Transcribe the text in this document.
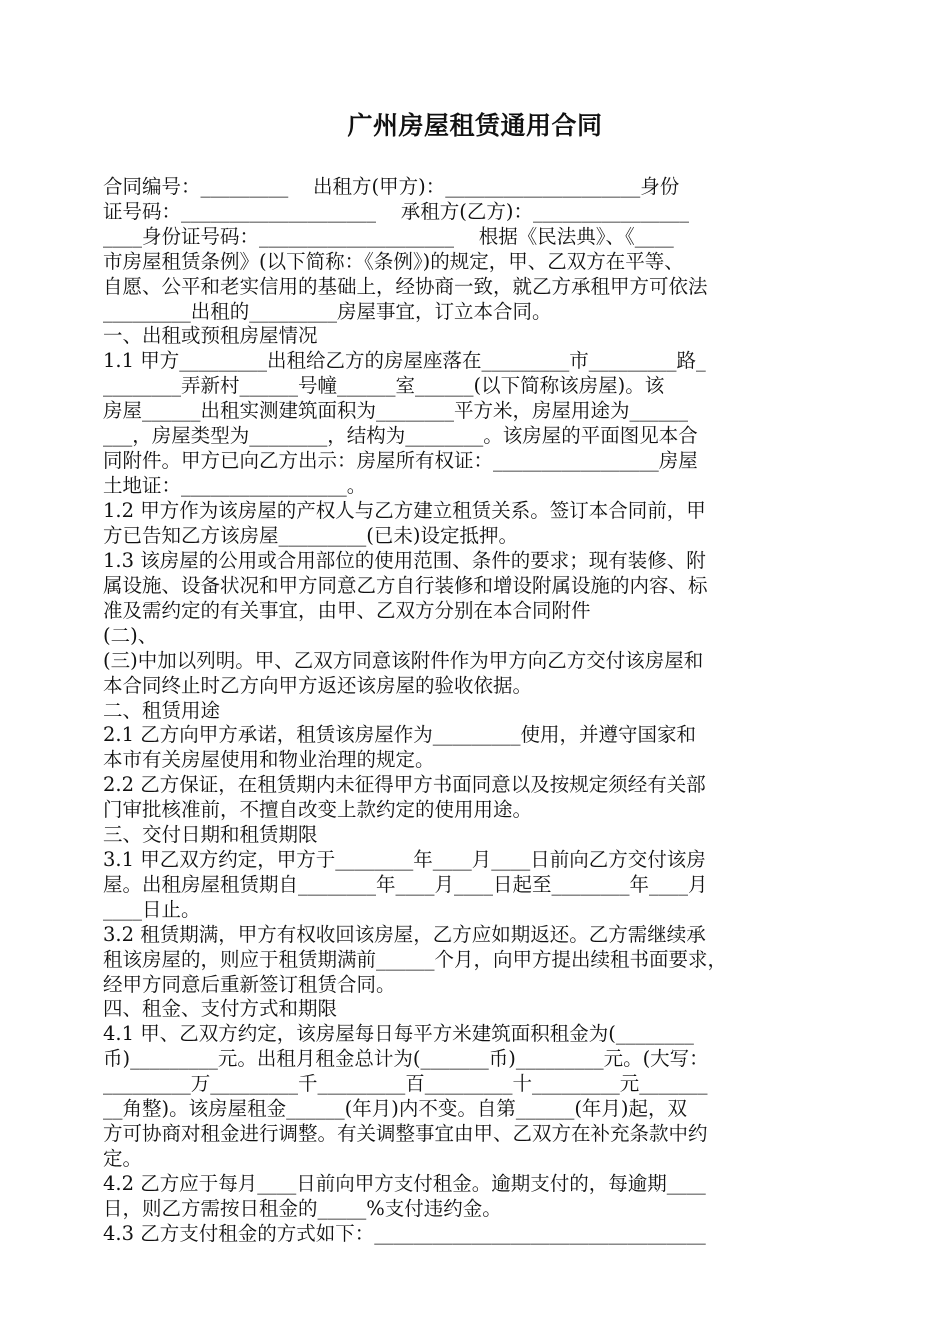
广州房屋租赁通用合同
合同编号：_________    出租方(甲方)：____________________身份
证号码：____________________    承租方(乙方)：________________
____身份证号码：____________________    根据《民法典》、《____
市房屋租赁条例》(以下简称：《条例》)的规定，甲、乙双方在平等、
自愿、公平和老实信用的基础上，经协商一致，就乙方承租甲方可依法
_________出租的_________房屋事宜，订立本合同。
一、出租或预租房屋情况
1.1 甲方_________出租给乙方的房屋座落在_________市_________路_
________弄新村______号幢______室______(以下简称该房屋)。该
房屋______出租实测建筑面积为________平方米，房屋用途为______
___，房屋类型为________，结构为________。该房屋的平面图见本合
同附件。甲方已向乙方出示：房屋所有权证：_________________房屋
土地证：_________________。
1.2 甲方作为该房屋的产权人与乙方建立租赁关系。签订本合同前，甲
方已告知乙方该房屋_________(已未)设定抵押。
1.3 该房屋的公用或合用部位的使用范围、条件的要求；现有装修、附
属设施、设备状况和甲方同意乙方自行装修和增设附属设施的内容、标
准及需约定的有关事宜，由甲、乙双方分别在本合同附件
(二)、
(三)中加以列明。甲、乙双方同意该附件作为甲方向乙方交付该房屋和
本合同终止时乙方向甲方返还该房屋的验收依据。
二、租赁用途
2.1 乙方向甲方承诺，租赁该房屋作为_________使用，并遵守国家和
本市有关房屋使用和物业治理的规定。
2.2 乙方保证，在租赁期内未征得甲方书面同意以及按规定须经有关部
门审批核准前，不擅自改变上款约定的使用用途。
三、交付日期和租赁期限
3.1 甲乙双方约定，甲方于________年____月____日前向乙方交付该房
屋。出租房屋租赁期自________年____月____日起至________年____月
____日止。
3.2 租赁期满，甲方有权收回该房屋，乙方应如期返还。乙方需继续承
租该房屋的，则应于租赁期满前______个月，向甲方提出续租书面要求，
经甲方同意后重新签订租赁合同。
四、租金、支付方式和期限
4.1 甲、乙双方约定，该房屋每日每平方米建筑面积租金为(________
币)_________元。出租月租金总计为(_______币)_________元。(大写：
_________万_________千_________百_________十_________元_______
__角整)。该房屋租金______(年月)内不变。自第______(年月)起，双
方可协商对租金进行调整。有关调整事宜由甲、乙双方在补充条款中约
定。
4.2 乙方应于每月____日前向甲方支付租金。逾期支付的，每逾期____
日，则乙方需按日租金的_____%支付违约金。
4.3 乙方支付租金的方式如下：__________________________________
